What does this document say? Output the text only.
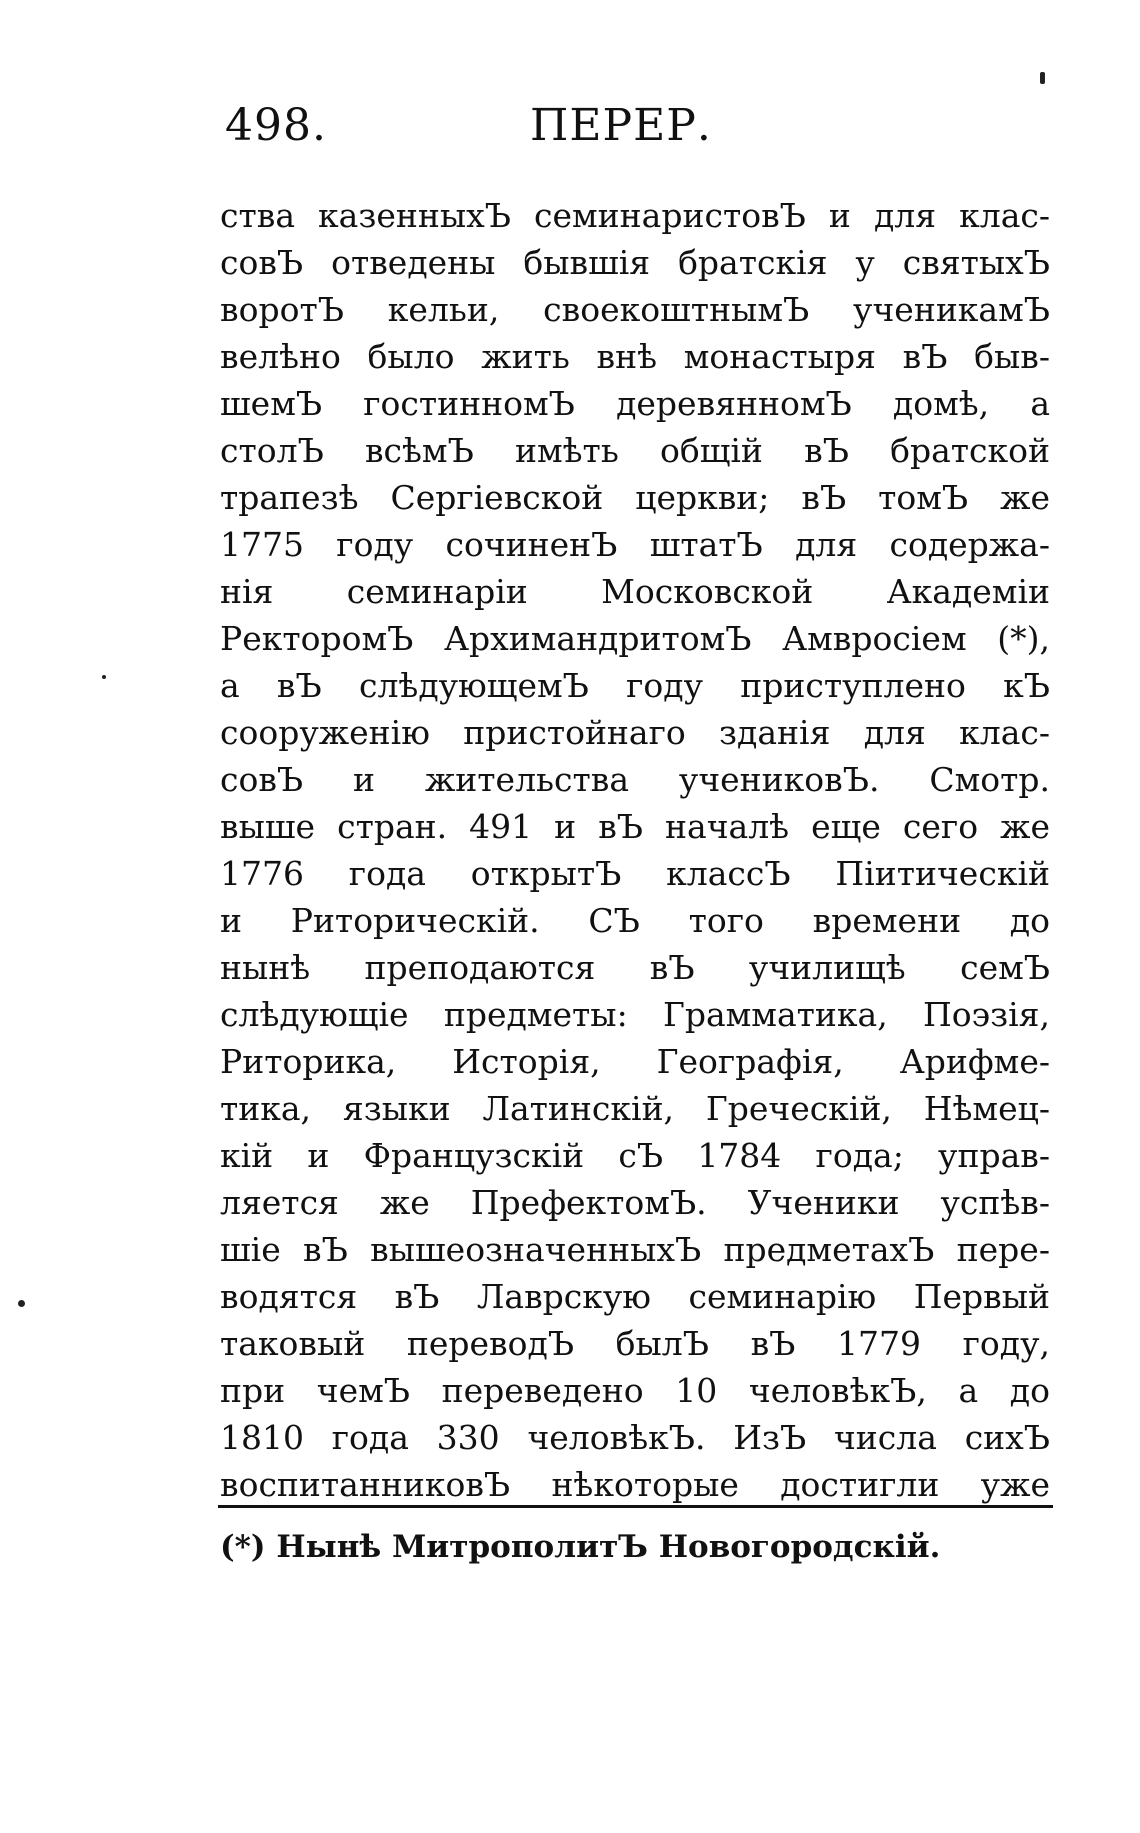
498.	ПЕРЕР.
ства казенныхЪ семинаристовЪ и для клас-
совЪ отведены бывшія братскія у святыхЪ
воротЪ кельи, своекоштнымЪ ученикамЪ
велѣно было жить внѣ монастыря вЪ быв-
шемЪ гостинномЪ деревянномЪ домѣ, а
столЪ всѣмЪ имѣть общій вЪ братской
трапезѣ Сергіевской церкви; вЪ томЪ же
1775 году сочиненЪ штатЪ для содержа-
нія семинаріи Московской Академіи
РекторомЪ АрхимандритомЪ Амвросіем (*),
а вЪ слѣдующемЪ году приступлено кЪ
сооруженію пристойнаго зданія для клас-
совЪ и жительства учениковЪ. Смотр.
выше стран. 491 и вЪ началѣ еще сего же
1776 года открытЪ классЪ Піитическій
и Риторическій. СЪ того времени до
нынѣ преподаются вЪ училищѣ семЪ
слѣдующіе предметы: Грамматика, Поэзія,
Риторика, Исторія, Географія, Арифме-
тика, языки Латинскій, Греческій, Нѣмец-
кій и Французскій сЪ 1784 года; управ-
ляется же ПрефектомЪ. Ученики успѣв-
шіе вЪ вышеозначенныхЪ предметахЪ пере-
водятся вЪ Лаврскую семинарію Первый
таковый переводЪ былЪ вЪ 1779 году,
при чемЪ переведено 10 человѣкЪ, а до
1810 года 330 человѣкЪ. ИзЪ числа сихЪ
воспитанниковЪ нѣкоторые достигли уже
(*) Нынѣ МитрополитЪ Новогородскій.
